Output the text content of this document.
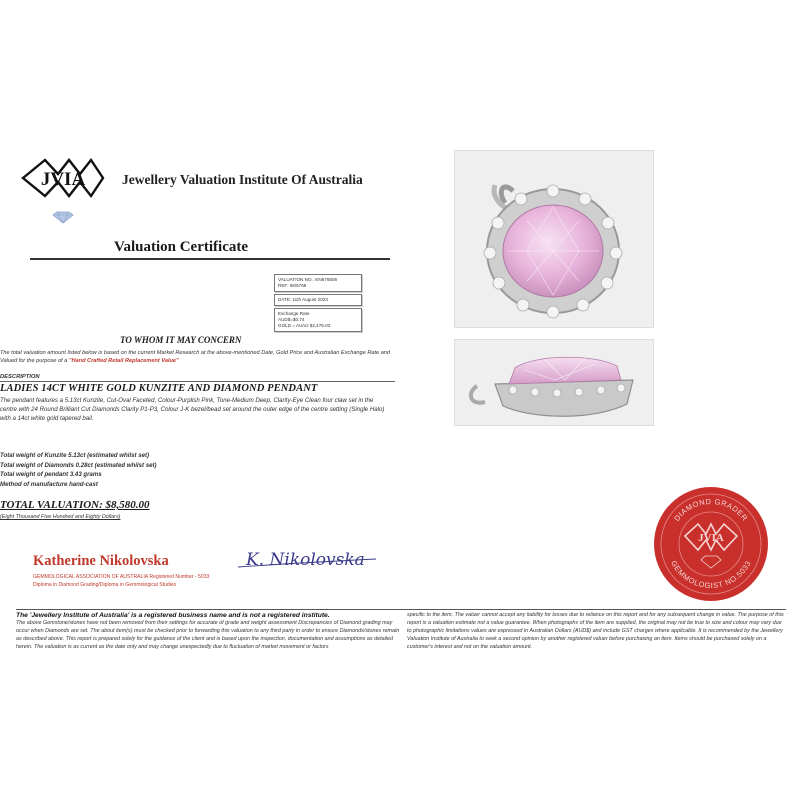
JVIA	Jewellery Valuation Institute Of Australia
Valuation Certificate
VALUATION NO. :KN576806
REF: 06/5768
DATE: 11th August 2023
Exchange Rate
AUD$=$0.74
GOLD = AU/oz $2,476.03
TO WHOM IT MAY CONCERN
The total valuation amount listed below is based on the current Market Research at the above-mentioned Date, Gold Price and Australian Exchange Rate and Valued for the purpose of a "Hand Crafted Retail Replacement Value"
DESCRIPTION
LADIES 14CT WHITE GOLD KUNZITE AND DIAMOND PENDANT
The pendant features a 5.13ct Kunzite, Cut-Oval Faceted, Colour-Purplish Pink, Tone-Medium Deep, Clarity-Eye Clean four claw set in the centre with 24 Round Brilliant Cut Diamonds Clarity P1-P3, Colour J-K bezel/bead set around the outer edge of the centre setting (Single Halo) with a 14ct white gold tapered bail.
Total weight of Kunzite 5.13ct (estimated whilst set)
Total weight of Diamonds 0.28ct (estimated whilst set)
Total weight of pendant 3.43 grams
Method of manufacture hand-cast
TOTAL VALUATION: $8,580.00
(Eight Thousand Five Hundred and Eighty Dollars)
Katherine Nikolovska
GEMMOLOGICAL ASSOCIATION OF AUSTRALIA Registered Number - 5033
Diploma in Diamond Grading/Diploma in Gemmological Studies
K. Nikolovska
DIAMOND GRADER
GEMMOLOGIST NO.5033
JVIA
The 'Jewellery Institute of Australia' is a registered business name and is not a registered institute.
The above Gemstone/stones have not been removed from their settings for accurate of grade and weight assessment Discrepancies of Diamond grading may occur when Diamonds are set. The about item(s) must be checked prior to forwarding this valuation to any third party in order to ensure Diamonds/stones remain as described above. This report is prepared solely for the guidance of the client and is based upon the inspection, documentation and assumptions as detailed herein. The valuation is as current as the date only and may change unexpectedly due to fluctuation of market movement or factors
specific to the item. The valuer cannot accept any liability for losses due to reliance on this report and for any subsequent change in value. The purpose of this report is a valuation estimate not a value guarantee. When photographs of the item are supplied, the original may not be true to size and colour may vary due to photographic limitations values are expressed in Australian Dollars (AUD$) and include GST charges where applicable. It is recommended by the Jewellery Valuation Institute of Australia to seek a second opinion by another registered valuer before purchasing an item. Items should be purchased solely on a customer's interest and not on the valuation amount.
